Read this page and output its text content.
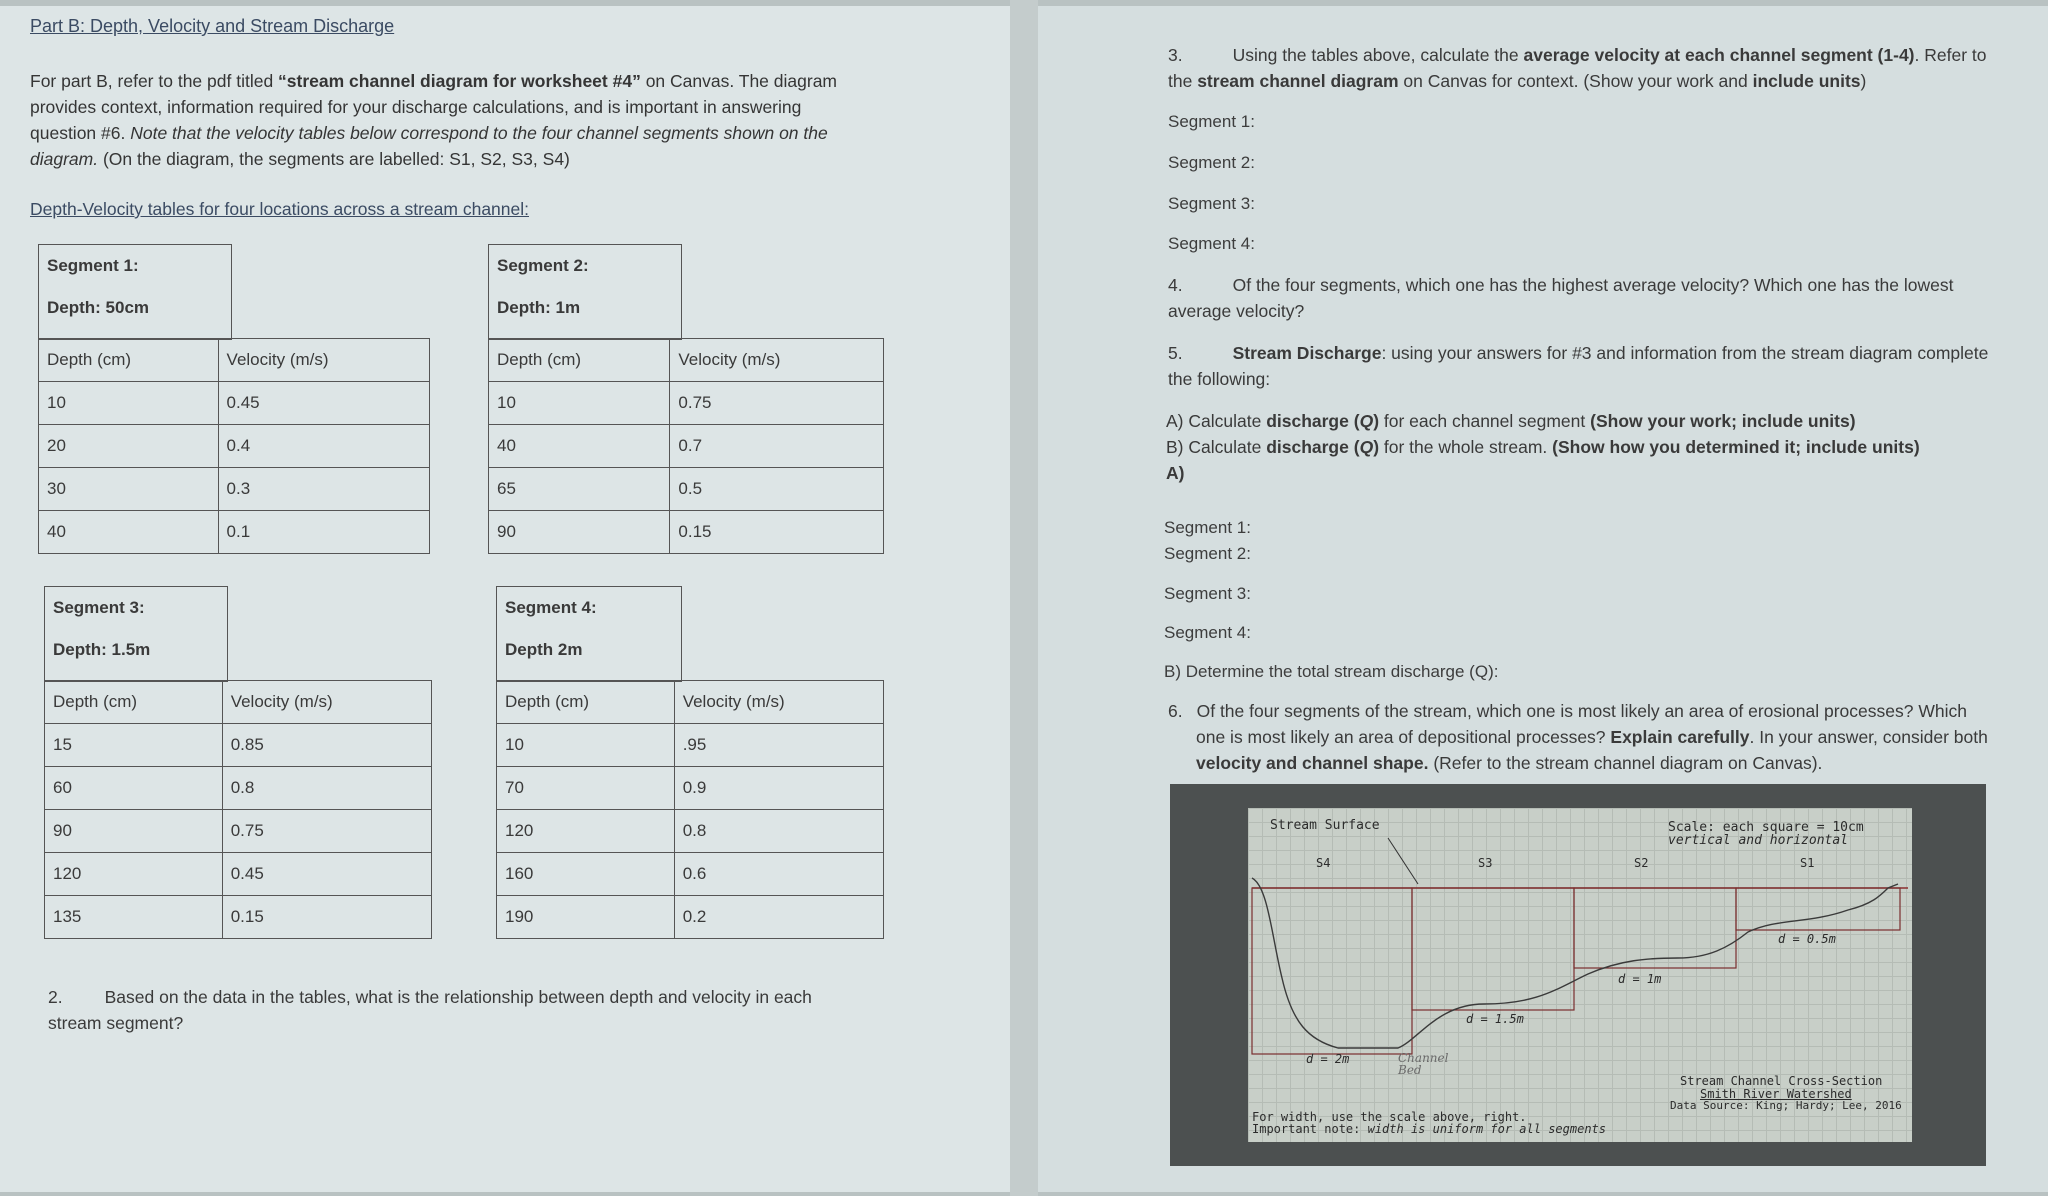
Part B: Depth, Velocity and Stream Discharge

For part B, refer to the pdf titled “stream channel diagram for worksheet #4” on Canvas. The diagram
provides context, information required for your discharge calculations, and is important in answering
question #6. Note that the velocity tables below correspond to the four channel segments shown on the
diagram. (On the diagram, the segments are labelled: S1, S2, S3, S4)

Depth-Velocity tables for four locations across a stream channel:

Segment 1:
Depth: 50cm
Depth (cm)	Velocity (m/s)
10	0.45
20	0.4
30	0.3
40	0.1
Segment 2:
Depth: 1m
Depth (cm)	Velocity (m/s)
10	0.75
40	0.7
65	0.5
90	0.15
Segment 3:
Depth: 1.5m
Depth (cm)	Velocity (m/s)
15	0.85
60	0.8
90	0.75
120	0.45
135	0.15
Segment 4:
Depth 2m
Depth (cm)	Velocity (m/s)
10	.95
70	0.9
120	0.8
160	0.6
190	0.2
2. Based on the data in the tables, what is the relationship between depth and velocity in each
stream segment?
3.	Using the tables above, calculate the average velocity at each channel segment (1-4). Refer to
the stream channel diagram on Canvas for context. (Show your work and include units)
Segment 1:
Segment 2:
Segment 3:
Segment 4:
4.	Of the four segments, which one has the highest average velocity? Which one has the lowest
average velocity?
5.	Stream Discharge: using your answers for #3 and information from the stream diagram complete
the following:
A) Calculate discharge (Q) for each channel segment (Show your work; include units)
B) Calculate discharge (Q) for the whole stream. (Show how you determined it; include units)
A)
Segment 1:
Segment 2:
Segment 3:
Segment 4:
B) Determine the total stream discharge (Q):
6. Of the four segments of the stream, which one is most likely an area of erosional processes? Which
one is most likely an area of depositional processes? Explain carefully. In your answer, consider both
velocity and channel shape. (Refer to the stream channel diagram on Canvas).
Stream Surface	Scale: each square = 10cm
vertical and horizontal
S4	S3	S2	S1
d = 0.5m
d = 1m
d = 1.5m
d = 2m	Channel Bed
Stream Channel Cross-Section
Smith River Watershed
Data Source: King; Hardy; Lee, 2016
For width, use the scale above, right.
Important note: width is uniform for all segments
